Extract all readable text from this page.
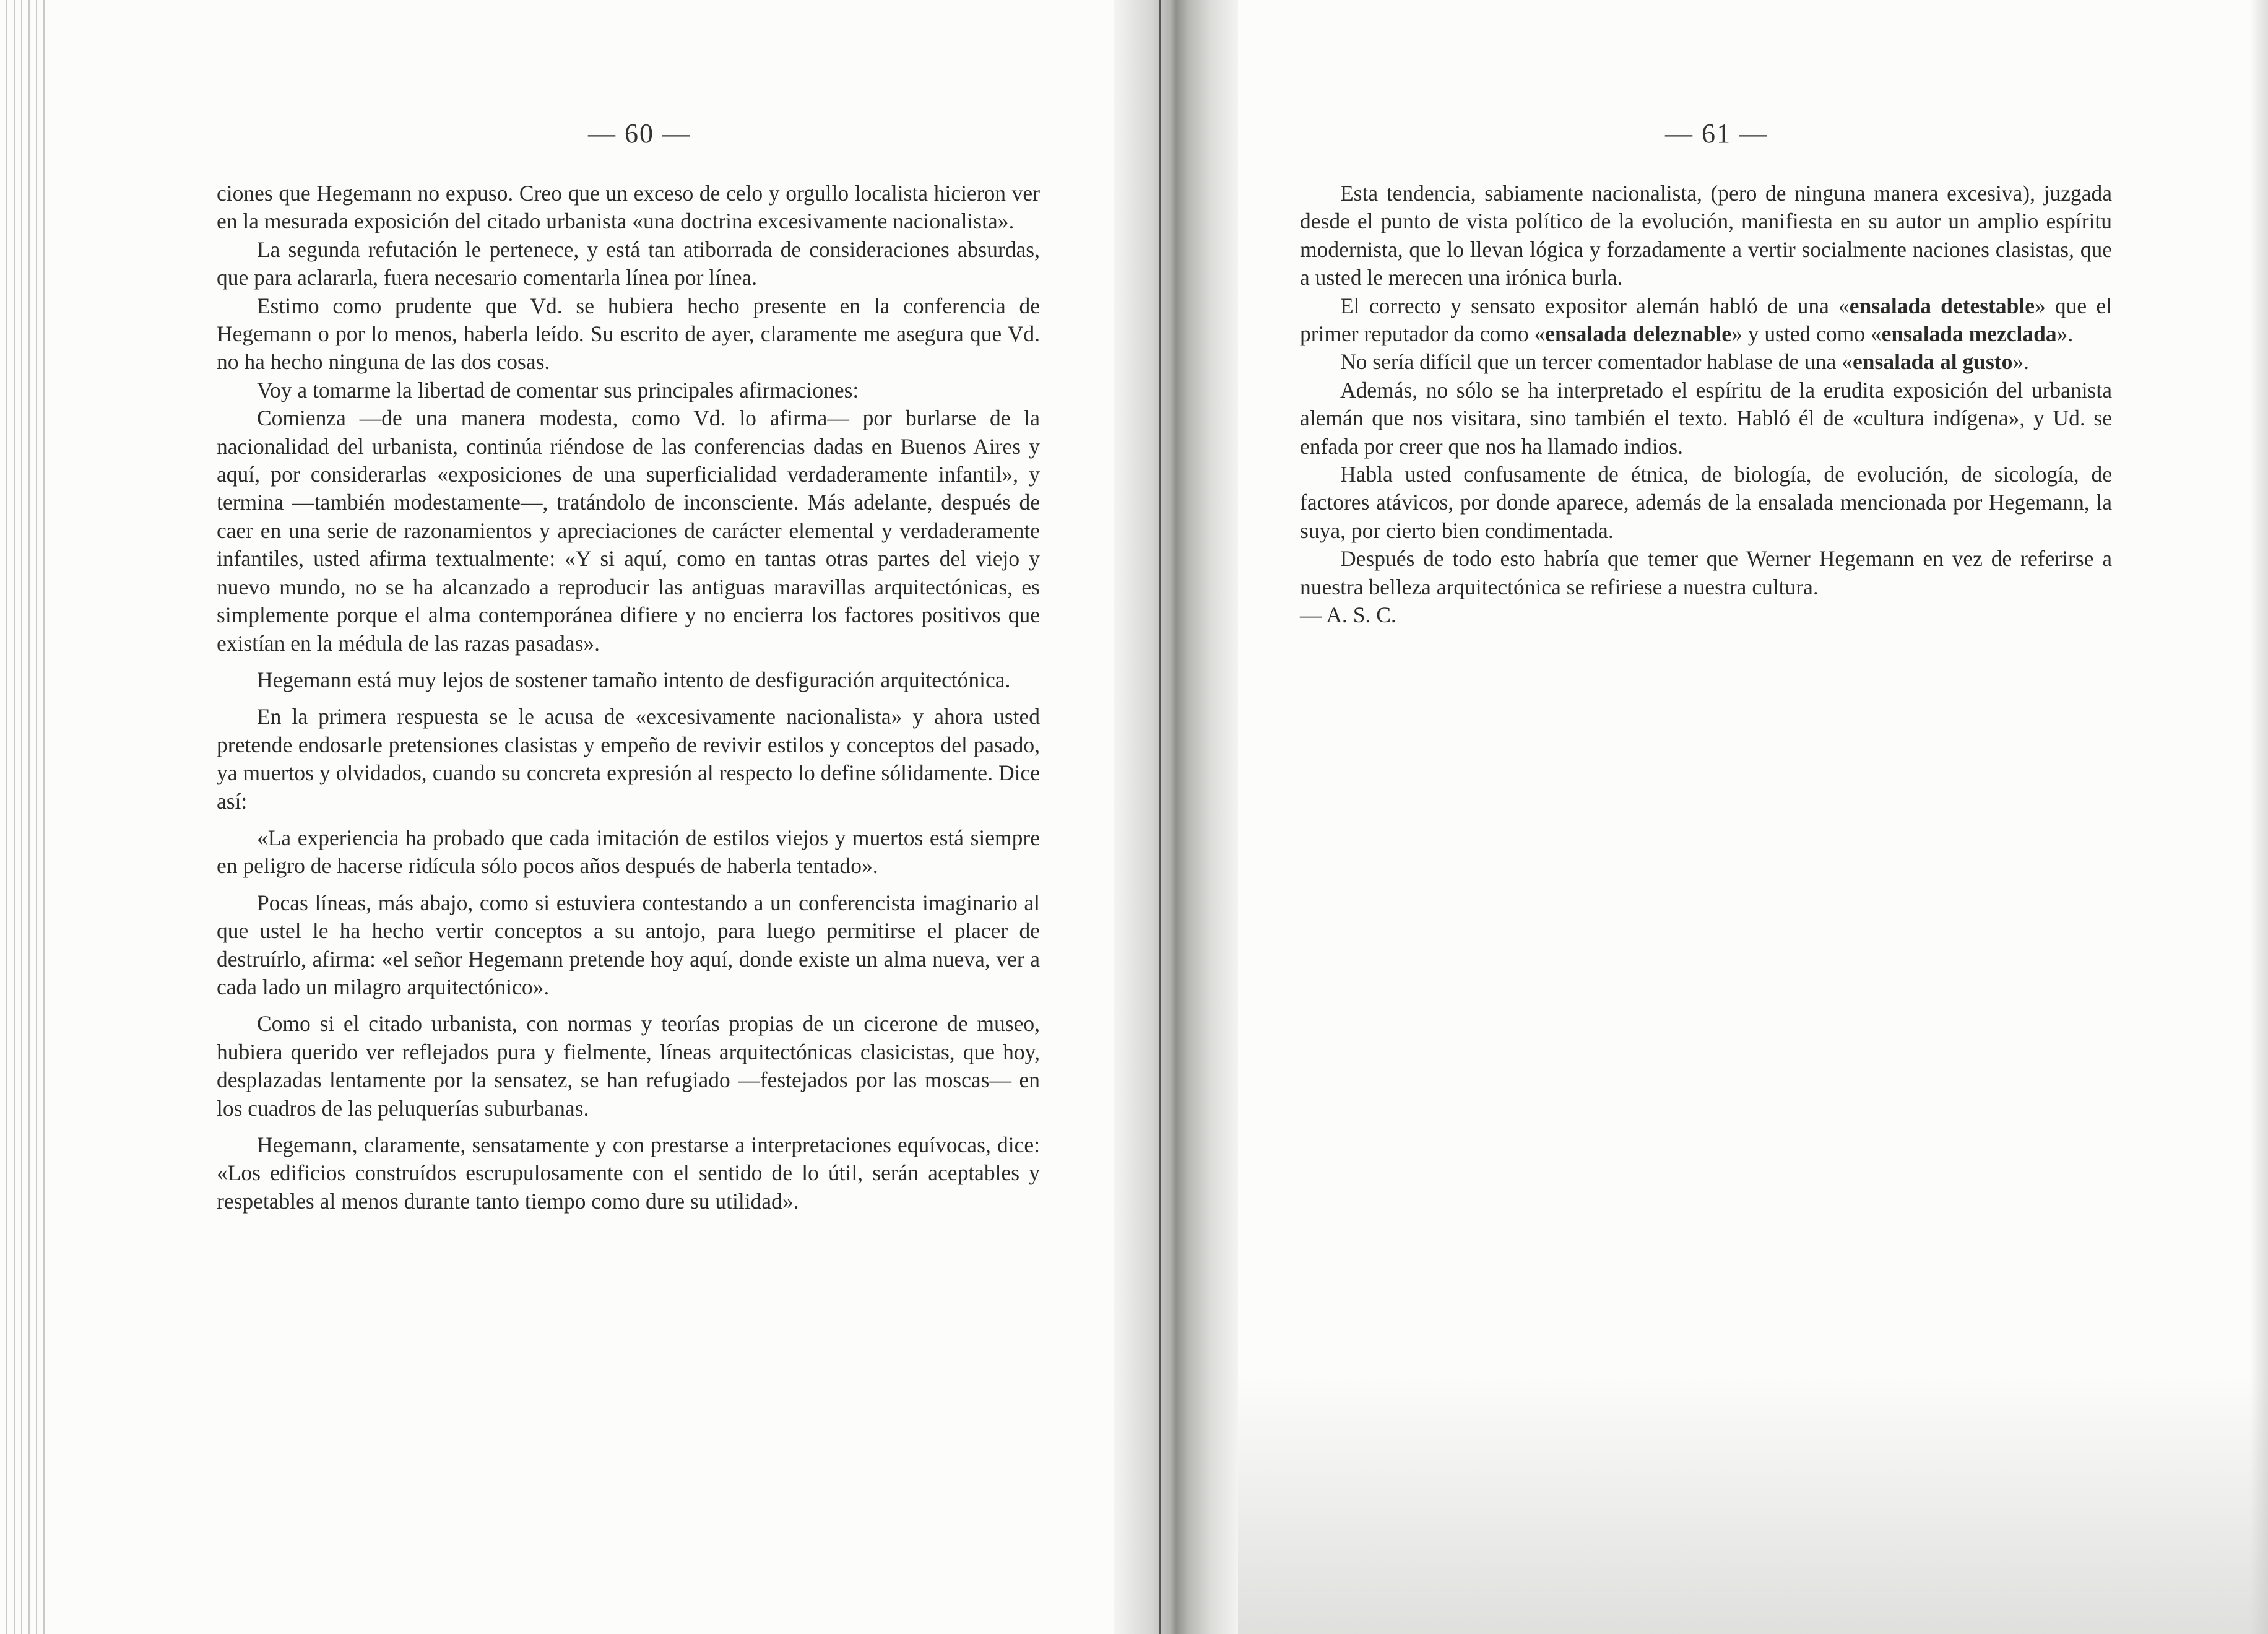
— 60 —

ciones que Hegemann no expuso. Creo que un exceso de celo y orgullo localista hicieron ver en la mesurada exposición del citado urbanista «una doctrina excesivamente nacionalista».

La segunda refutación le pertenece, y está tan atiborrada de consideraciones absurdas, que para aclararla, fuera necesario comentarla línea por línea.

Estimo como prudente que Vd. se hubiera hecho presente en la conferencia de Hegemann o por lo menos, haberla leído. Su escrito de ayer, claramente me asegura que Vd. no ha hecho ninguna de las dos cosas.

Voy a tomarme la libertad de comentar sus principales afirmaciones:

Comienza —de una manera modesta, como Vd. lo afirma— por burlarse de la nacionalidad del urbanista, continúa riéndose de las conferencias dadas en Buenos Aires y aquí, por considerarlas «exposiciones de una superficialidad verdaderamente infantil», y termina —también modestamente—, tratándolo de inconsciente. Más adelante, después de caer en una serie de razonamientos y apreciaciones de carácter elemental y verdaderamente infantiles, usted afirma textualmente: «Y si aquí, como en tantas otras partes del viejo y nuevo mundo, no se ha alcanzado a reproducir las antiguas maravillas arquitectónicas, es simplemente porque el alma contemporánea difiere y no encierra los factores positivos que existían en la médula de las razas pasadas».

Hegemann está muy lejos de sostener tamaño intento de desfiguración arquitectónica.

En la primera respuesta se le acusa de «excesivamente nacionalista» y ahora usted pretende endosarle pretensiones clasistas y empeño de revivir estilos y conceptos del pasado, ya muertos y olvidados, cuando su concreta expresión al respecto lo define sólidamente. Dice así:

«La experiencia ha probado que cada imitación de estilos viejos y muertos está siempre en peligro de hacerse ridícula sólo pocos años después de haberla tentado».

Pocas líneas, más abajo, como si estuviera contestando a un conferencista imaginario al que ustel le ha hecho vertir conceptos a su antojo, para luego permitirse el placer de destruírlo, afirma: «el señor Hegemann pretende hoy aquí, donde existe un alma nueva, ver a cada lado un milagro arquitectónico».

Como si el citado urbanista, con normas y teorías propias de un cicerone de museo, hubiera querido ver reflejados pura y fielmente, líneas arquitectónicas clasicistas, que hoy, desplazadas lentamente por la sensatez, se han refugiado —festejados por las moscas— en los cuadros de las peluquerías suburbanas.

Hegemann, claramente, sensatamente y con prestarse a interpretaciones equívocas, dice: «Los edificios construídos escrupulosamente con el sentido de lo útil, serán aceptables y respetables al menos durante tanto tiempo como dure su utilidad».

— 61 —

Esta tendencia, sabiamente nacionalista, (pero de ninguna manera excesiva), juzgada desde el punto de vista político de la evolución, manifiesta en su autor un amplio espíritu modernista, que lo llevan lógica y forzadamente a vertir socialmente naciones clasistas, que a usted le merecen una irónica burla.

El correcto y sensato expositor alemán habló de una «ensalada detestable» que el primer reputador da como «ensalada deleznable» y usted como «ensalada mezclada».

No sería difícil que un tercer comentador hablase de una «ensalada al gusto».

Además, no sólo se ha interpretado el espíritu de la erudita exposición del urbanista alemán que nos visitara, sino también el texto. Habló él de «cultura indígena», y Ud. se enfada por creer que nos ha llamado indios.

Habla usted confusamente de étnica, de biología, de evolución, de sicología, de factores atávicos, por donde aparece, además de la ensalada mencionada por Hegemann, la suya, por cierto bien condimentada.

Después de todo esto habría que temer que Werner Hegemann en vez de referirse a nuestra belleza arquitectónica se refiriese a nuestra cultura.

— A. S. C.
